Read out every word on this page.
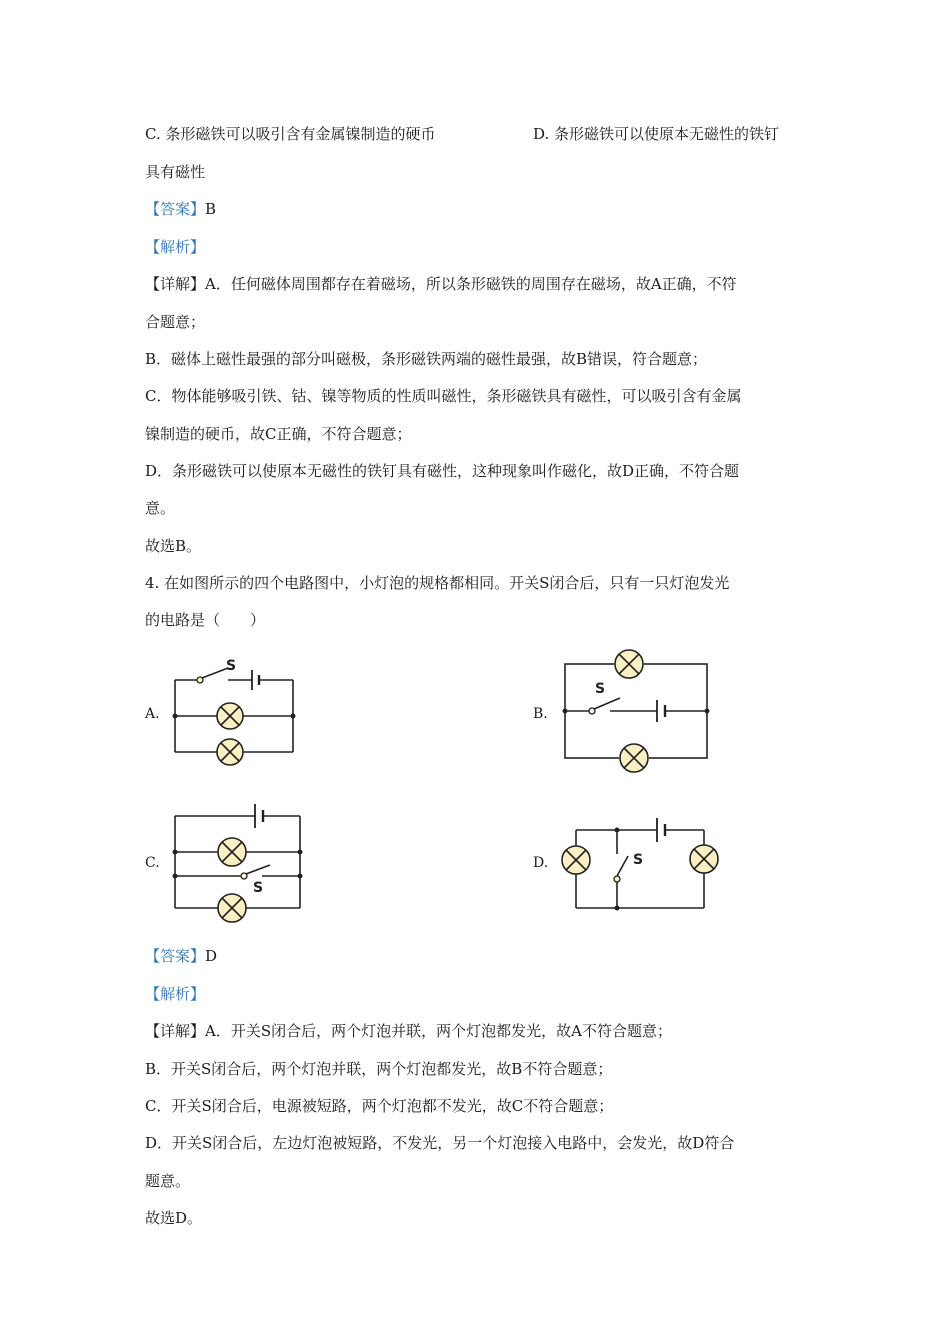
C. 条形磁铁可以吸引含有金属镍制造的硬币	D. 条形磁铁可以使原本无磁性的铁钉
具有磁性
【答案】B
【解析】
【详解】A．任何磁体周围都存在着磁场，所以条形磁铁的周围存在磁场，故A正确，不符
合题意；
B．磁体上磁性最强的部分叫磁极，条形磁铁两端的磁性最强，故B错误，符合题意；
C．物体能够吸引铁、钴、镍等物质的性质叫磁性，条形磁铁具有磁性，可以吸引含有金属
镍制造的硬币，故C正确，不符合题意；
D．条形磁铁可以使原本无磁性的铁钉具有磁性，这种现象叫作磁化，故D正确，不符合题
意。
故选B。
4. 在如图所示的四个电路图中，小灯泡的规格都相同。开关S闭合后，只有一只灯泡发光
的电路是（　　）
A.	B.
C.	D.
S
S
S
S
【答案】D
【解析】
【详解】A．开关S闭合后，两个灯泡并联，两个灯泡都发光，故A不符合题意；
B．开关S闭合后，两个灯泡并联，两个灯泡都发光，故B不符合题意；
C．开关S闭合后，电源被短路，两个灯泡都不发光，故C不符合题意；
D．开关S闭合后，左边灯泡被短路，不发光，另一个灯泡接入电路中，会发光，故D符合
题意。
故选D。
